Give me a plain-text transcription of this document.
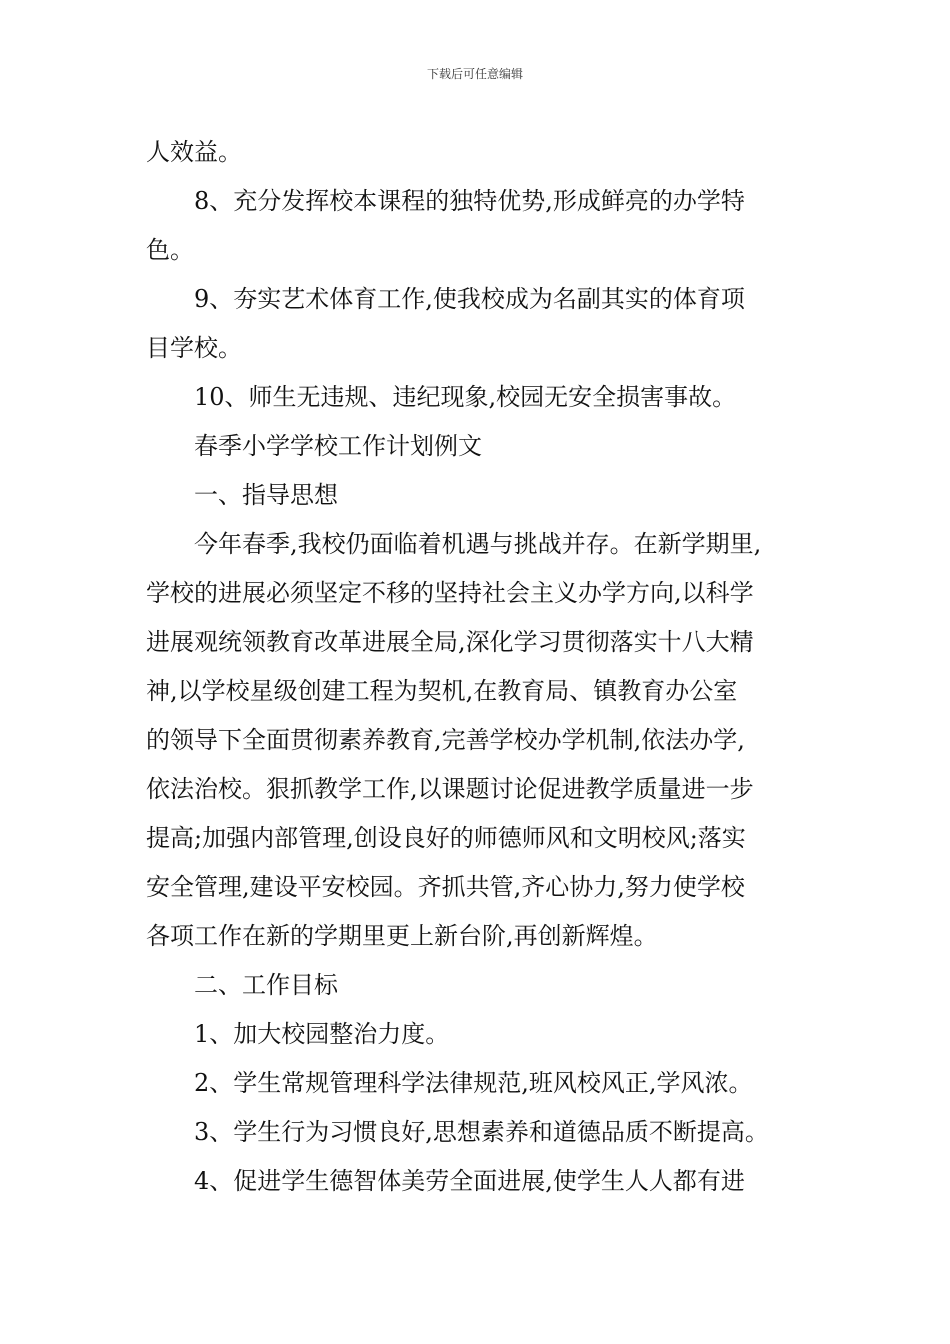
下载后可任意编辑
人效益。
8、充分发挥校本课程的独特优势,形成鲜亮的办学特
色。
9、夯实艺术体育工作,使我校成为名副其实的体育项
目学校。
10、师生无违规、违纪现象,校园无安全损害事故。
春季小学学校工作计划例文
一、指导思想
今年春季,我校仍面临着机遇与挑战并存。在新学期里,
学校的进展必须坚定不移的坚持社会主义办学方向,以科学
进展观统领教育改革进展全局,深化学习贯彻落实十八大精
神,以学校星级创建工程为契机,在教育局、镇教育办公室
的领导下全面贯彻素养教育,完善学校办学机制,依法办学,
依法治校。狠抓教学工作,以课题讨论促进教学质量进一步
提高;加强内部管理,创设良好的师德师风和文明校风;落实
安全管理,建设平安校园。齐抓共管,齐心协力,努力使学校
各项工作在新的学期里更上新台阶,再创新辉煌。
二、工作目标
1、加大校园整治力度。
2、学生常规管理科学法律规范,班风校风正,学风浓。
3、学生行为习惯良好,思想素养和道德品质不断提高。
4、促进学生德智体美劳全面进展,使学生人人都有进
